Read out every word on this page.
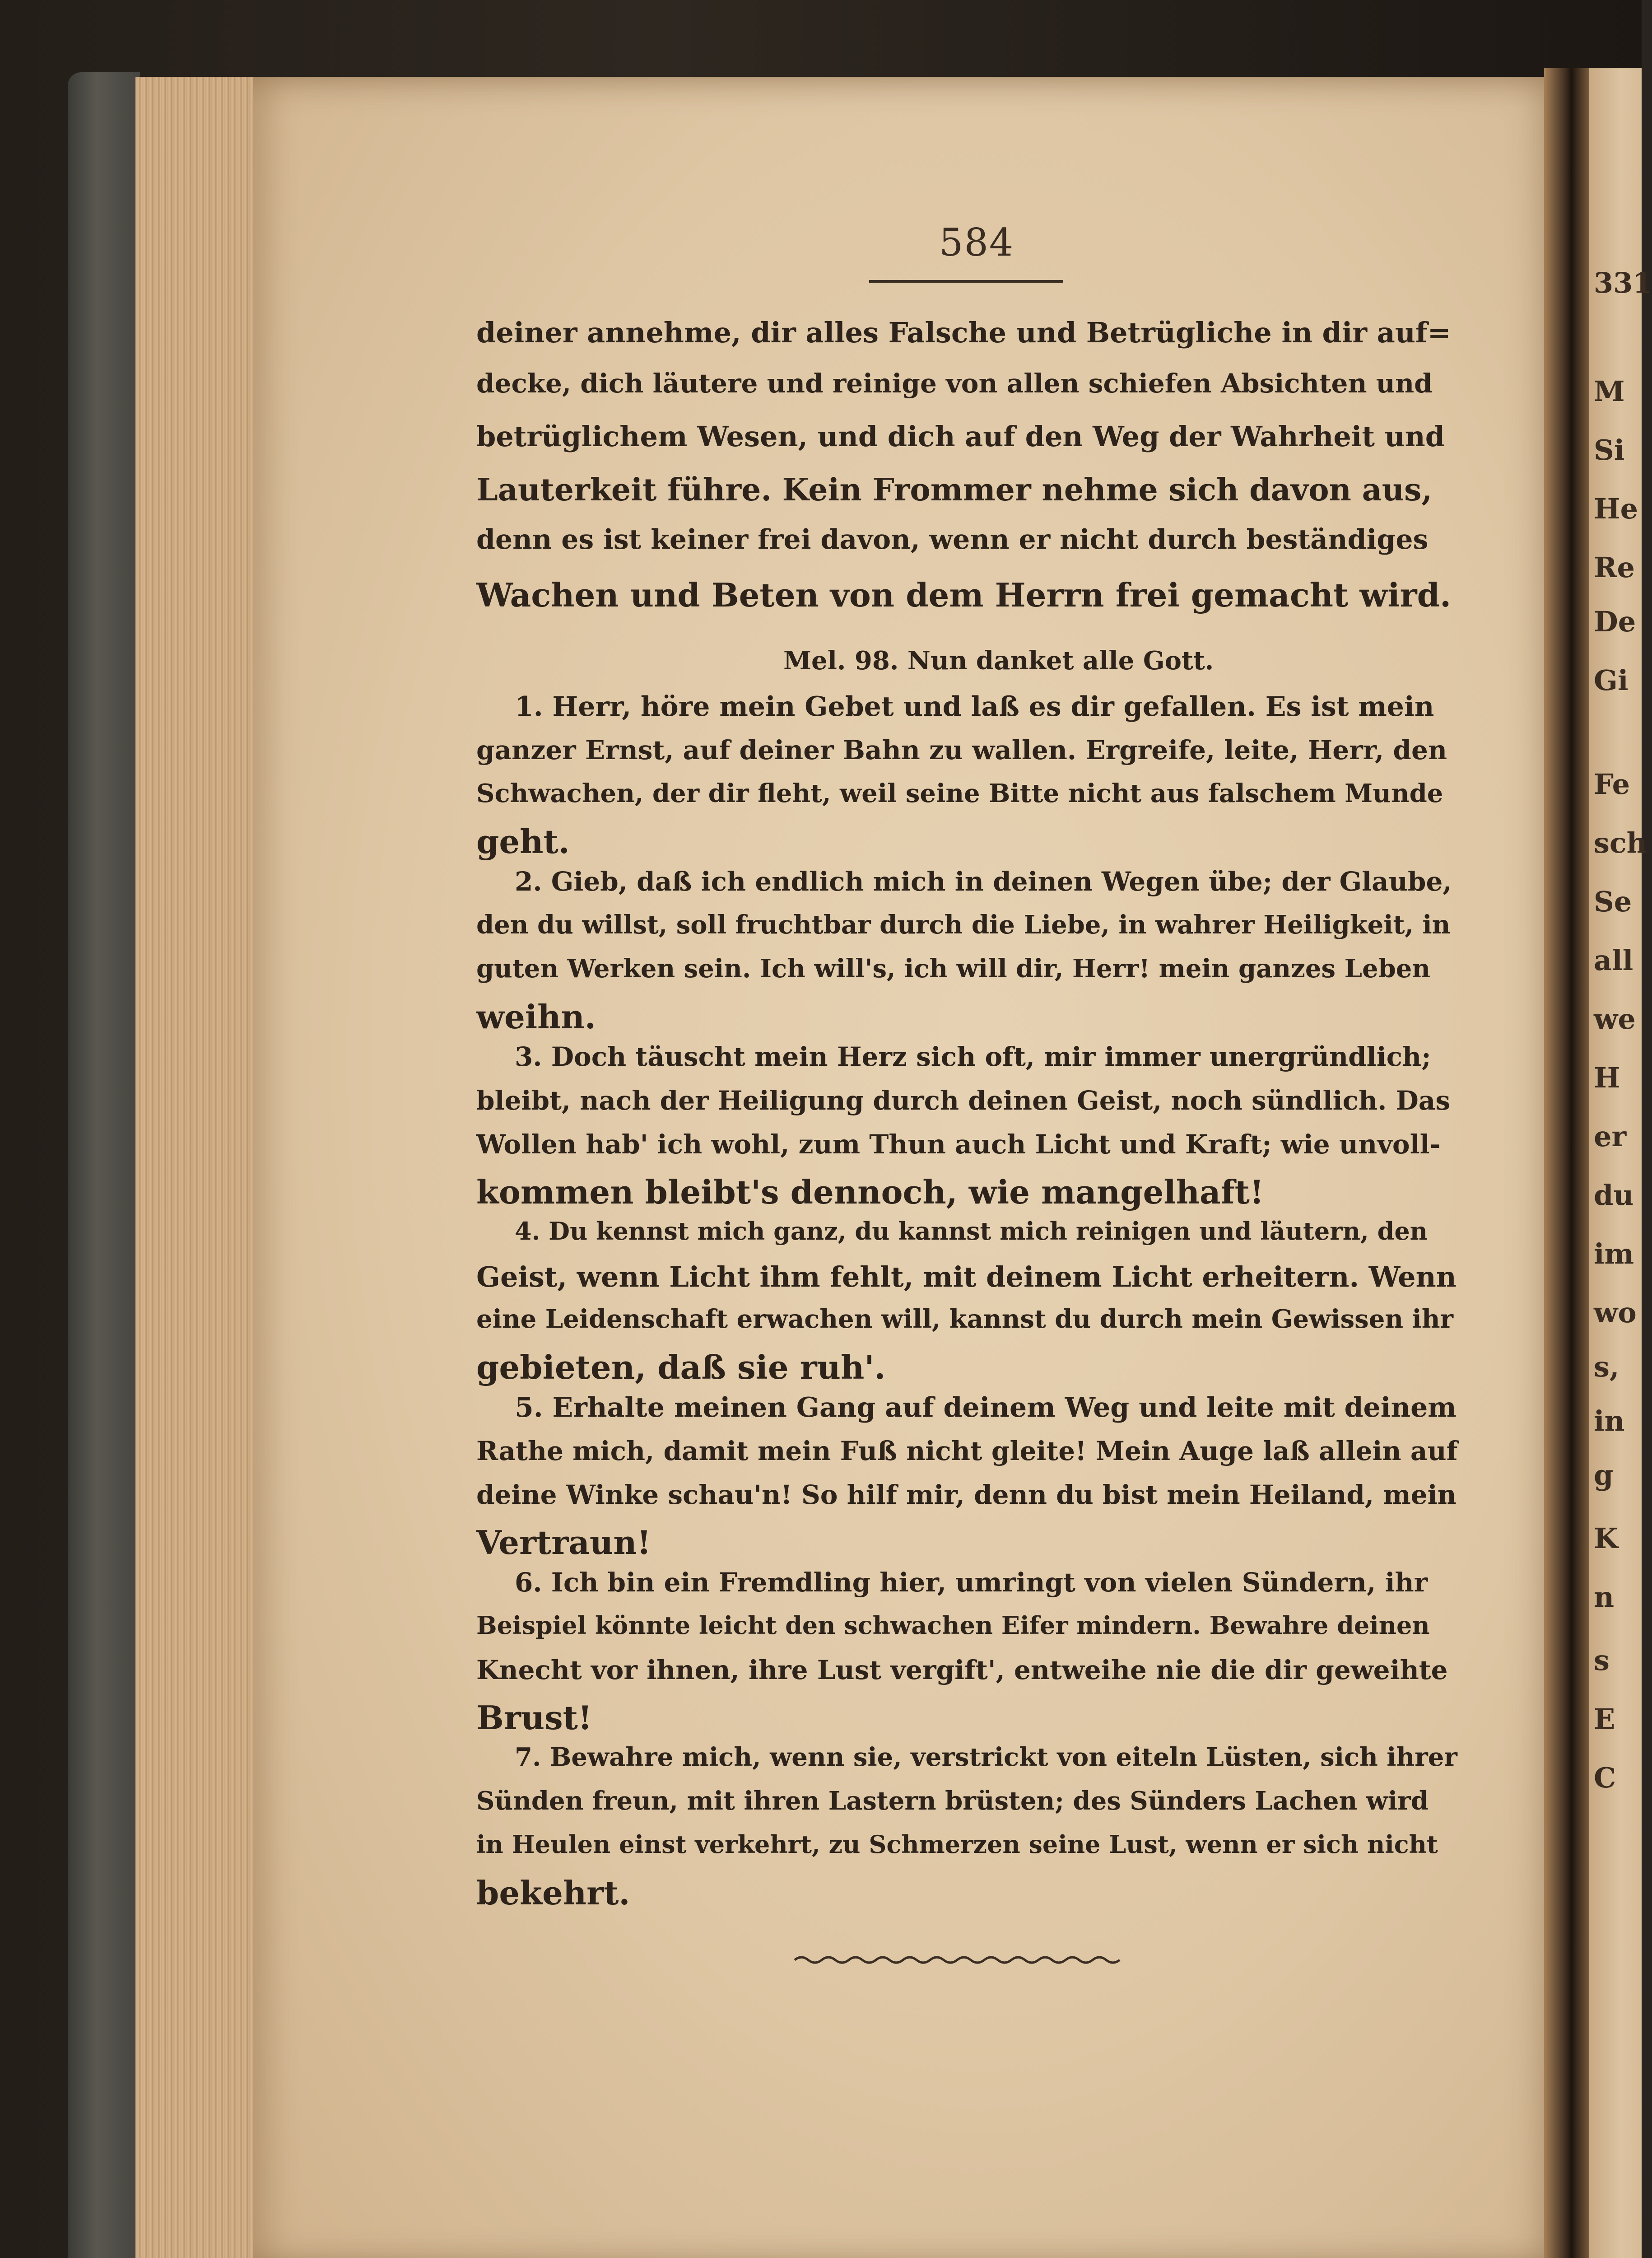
331
M
Si
He
Re
De
Gi
Fe
sch
Se
all
we
H
er
du
im
wo
s,
in
g
K
n
s
E
C
584
deiner annehme, dir alles Falsche und Betrügliche in dir auf=
decke, dich läutere und reinige von allen schiefen Absichten und
betrüglichem Wesen, und dich auf den Weg der Wahrheit und
Lauterkeit führe. Kein Frommer nehme sich davon aus,
denn es ist keiner frei davon, wenn er nicht durch beständiges
Wachen und Beten von dem Herrn frei gemacht wird.
Mel. 98. Nun danket alle Gott.
1. Herr, höre mein Gebet und laß es dir gefallen. Es ist mein
ganzer Ernst, auf deiner Bahn zu wallen. Ergreife, leite, Herr, den
Schwachen, der dir fleht, weil seine Bitte nicht aus falschem Munde
geht.
2. Gieb, daß ich endlich mich in deinen Wegen übe; der Glaube,
den du willst, soll fruchtbar durch die Liebe, in wahrer Heiligkeit, in
guten Werken sein. Ich will's, ich will dir, Herr! mein ganzes Leben
weihn.
3. Doch täuscht mein Herz sich oft, mir immer unergründlich;
bleibt, nach der Heiligung durch deinen Geist, noch sündlich. Das
Wollen hab' ich wohl, zum Thun auch Licht und Kraft; wie unvoll-
kommen bleibt's dennoch, wie mangelhaft!
4. Du kennst mich ganz, du kannst mich reinigen und läutern, den
Geist, wenn Licht ihm fehlt, mit deinem Licht erheitern. Wenn
eine Leidenschaft erwachen will, kannst du durch mein Gewissen ihr
gebieten, daß sie ruh'.
5. Erhalte meinen Gang auf deinem Weg und leite mit deinem
Rathe mich, damit mein Fuß nicht gleite! Mein Auge laß allein auf
deine Winke schau'n! So hilf mir, denn du bist mein Heiland, mein
Vertraun!
6. Ich bin ein Fremdling hier, umringt von vielen Sündern, ihr
Beispiel könnte leicht den schwachen Eifer mindern. Bewahre deinen
Knecht vor ihnen, ihre Lust vergift', entweihe nie die dir geweihte
Brust!
7. Bewahre mich, wenn sie, verstrickt von eiteln Lüsten, sich ihrer
Sünden freun, mit ihren Lastern brüsten; des Sünders Lachen wird
in Heulen einst verkehrt, zu Schmerzen seine Lust, wenn er sich nicht
bekehrt.
